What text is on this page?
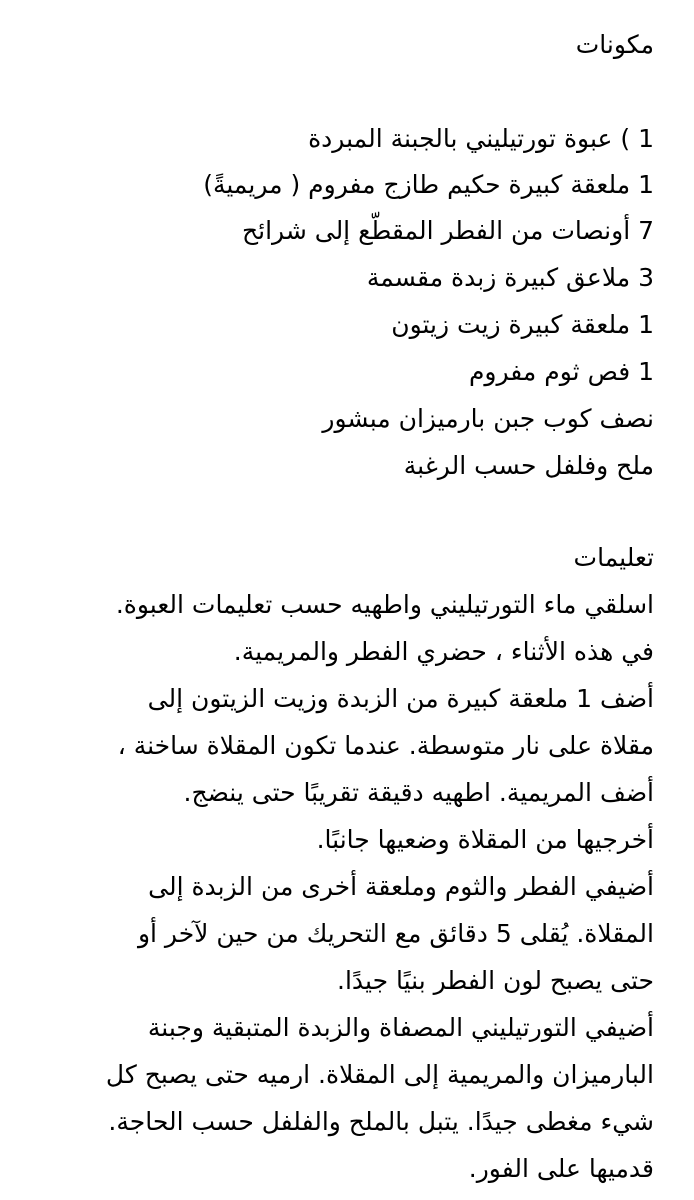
مكونات
1 ) عبوة تورتيليني بالجبنة المبردة
1 ملعقة كبيرة حكيم طازج مفروم ( مريميةً)
7 أونصات من الفطر المقطّع إلى شرائح
3 ملاعق كبيرة زبدة مقسمة
1 ملعقة كبيرة زيت زيتون
1 فص ثوم مفروم
نصف كوب جبن بارميزان مبشور
ملح وفلفل حسب الرغبة
تعليمات
اسلقي ماء التورتيليني واطهيه حسب تعليمات العبوة.
في هذه الأثناء ، حضري الفطر والمريمية.
أضف 1 ملعقة كبيرة من الزبدة وزيت الزيتون إلى
مقلاة على نار متوسطة. عندما تكون المقلاة ساخنة ،
أضف المريمية. اطهيه دقيقة تقريبًا حتى ينضج.
أخرجيها من المقلاة وضعيها جانبًا.
أضيفي الفطر والثوم وملعقة أخرى من الزبدة إلى
المقلاة. يُقلى 5 دقائق مع التحريك من حين لآخر أو
حتى يصبح لون الفطر بنيًا جيدًا.
أضيفي التورتيليني المصفاة والزبدة المتبقية وجبنة
البارميزان والمريمية إلى المقلاة. ارميه حتى يصبح كل
شيء مغطى جيدًا. يتبل بالملح والفلفل حسب الحاجة.
قدميها على الفور.
